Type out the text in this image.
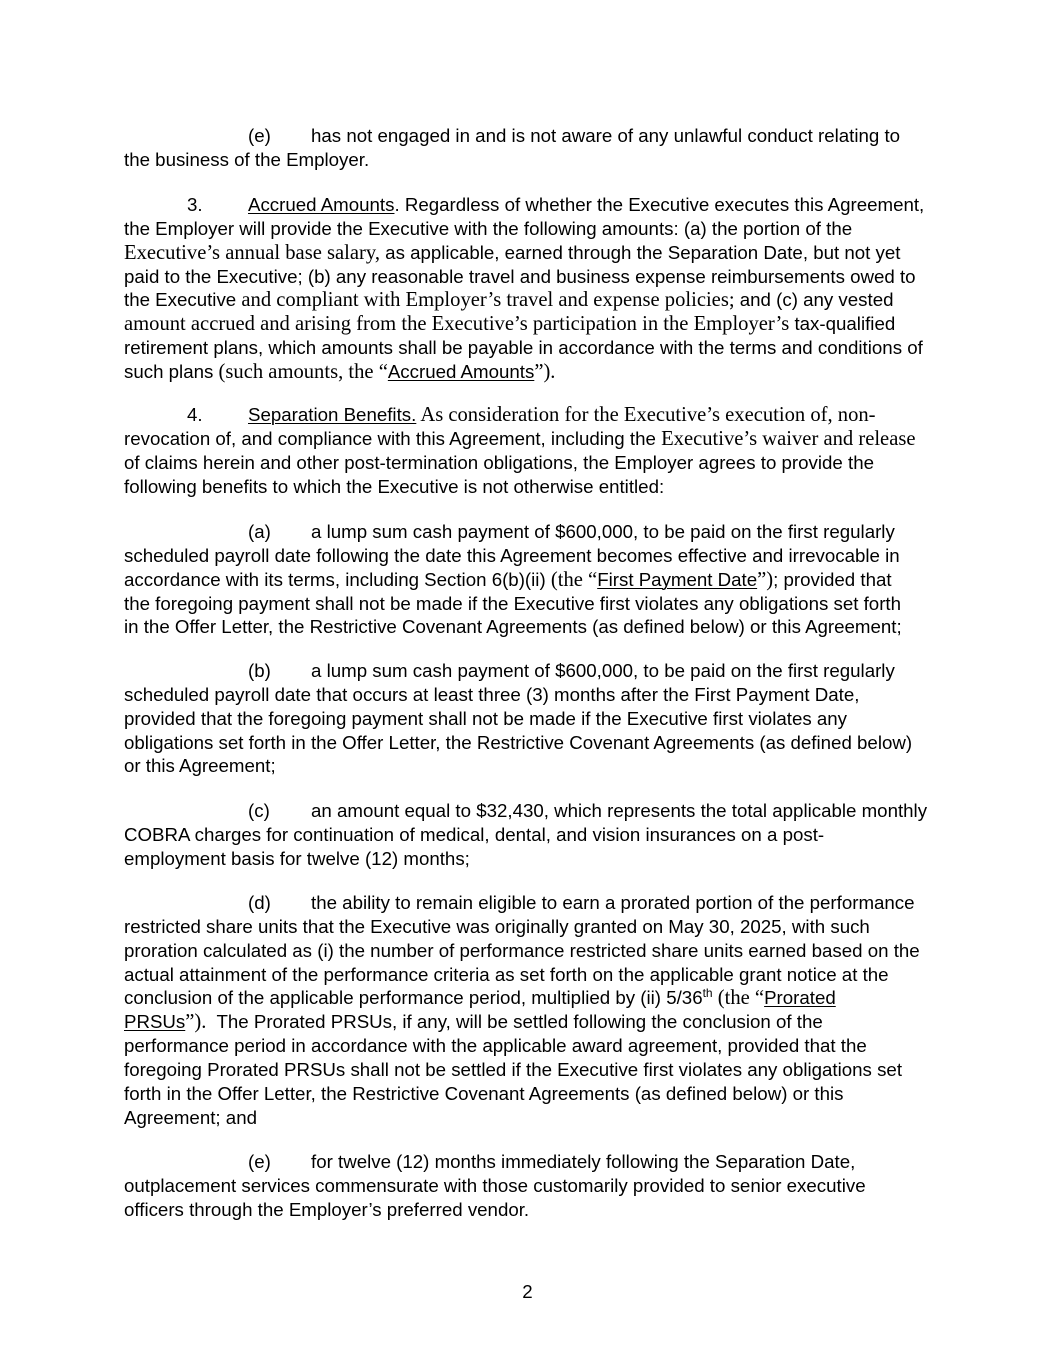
(e) has not engaged in and is not aware of any unlawful conduct relating to
the business of the Employer.
3. Accrued Amounts. Regardless of whether the Executive executes this Agreement,
the Employer will provide the Executive with the following amounts: (a) the portion of the
Executive’s annual base salary, as applicable, earned through the Separation Date, but not yet
paid to the Executive; (b) any reasonable travel and business expense reimbursements owed to
the Executive and compliant with Employer’s travel and expense policies; and (c) any vested
amount accrued and arising from the Executive’s participation in the Employer’s tax-qualified
retirement plans, which amounts shall be payable in accordance with the terms and conditions of
such plans (such amounts, the “Accrued Amounts”).
4. Separation Benefits. As consideration for the Executive’s execution of, non-
revocation of, and compliance with this Agreement, including the Executive’s waiver and release
of claims herein and other post-termination obligations, the Employer agrees to provide the
following benefits to which the Executive is not otherwise entitled:
(a) a lump sum cash payment of $600,000, to be paid on the first regularly
scheduled payroll date following the date this Agreement becomes effective and irrevocable in
accordance with its terms, including Section 6(b)(ii) (the “First Payment Date”); provided that
the foregoing payment shall not be made if the Executive first violates any obligations set forth
in the Offer Letter, the Restrictive Covenant Agreements (as defined below) or this Agreement;
(b) a lump sum cash payment of $600,000, to be paid on the first regularly
scheduled payroll date that occurs at least three (3) months after the First Payment Date,
provided that the foregoing payment shall not be made if the Executive first violates any
obligations set forth in the Offer Letter, the Restrictive Covenant Agreements (as defined below)
or this Agreement;
(c) an amount equal to $32,430, which represents the total applicable monthly
COBRA charges for continuation of medical, dental, and vision insurances on a post-
employment basis for twelve (12) months;
(d) the ability to remain eligible to earn a prorated portion of the performance
restricted share units that the Executive was originally granted on May 30, 2025, with such
proration calculated as (i) the number of performance restricted share units earned based on the
actual attainment of the performance criteria as set forth on the applicable grant notice at the
conclusion of the applicable performance period, multiplied by (ii) 5/36th (the “Prorated
PRSUs”).  The Prorated PRSUs, if any, will be settled following the conclusion of the
performance period in accordance with the applicable award agreement, provided that the
foregoing Prorated PRSUs shall not be settled if the Executive first violates any obligations set
forth in the Offer Letter, the Restrictive Covenant Agreements (as defined below) or this
Agreement; and
(e) for twelve (12) months immediately following the Separation Date,
outplacement services commensurate with those customarily provided to senior executive
officers through the Employer’s preferred vendor.
2
